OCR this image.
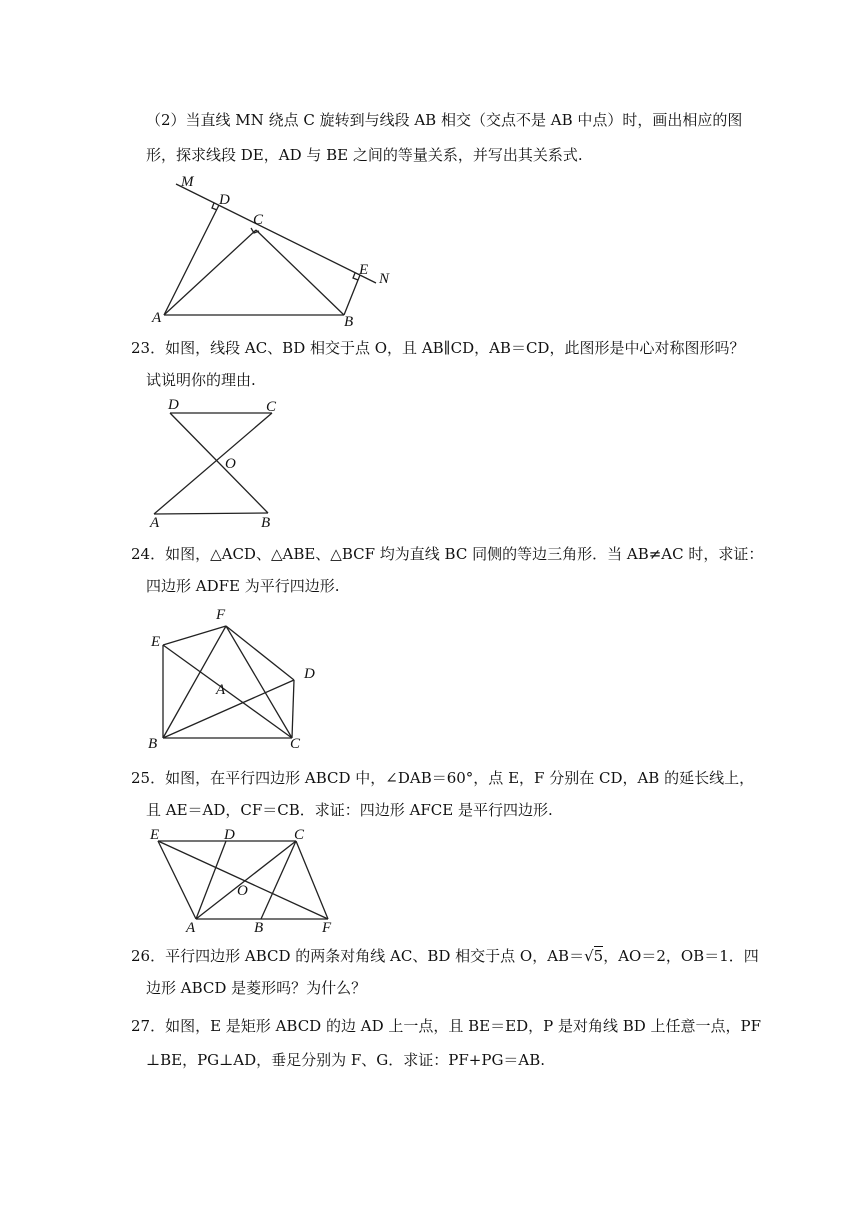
（2）当直线 MN 绕点 C 旋转到与线段 AB 相交（交点不是 AB 中点）时，画出相应的图
形，探求线段 DE，AD 与 BE 之间的等量关系，并写出其关系式.
M
D
C
E
N
A	B
23．如图，线段 AC、BD 相交于点 O，且 AB∥CD，AB＝CD，此图形是中心对称图形吗？
试说明你的理由.
D	C
O
A	B
24．如图，△ACD、△ABE、△BCF 均为直线 BC 同侧的等边三角形．当 AB≠AC 时，求证：
四边形 ADFE 为平行四边形.
F
E
D
A
B	C
25．如图，在平行四边形 ABCD 中，∠DAB＝60°，点 E，F 分别在 CD，AB 的延长线上，
且 AE＝AD，CF＝CB．求证：四边形 AFCE 是平行四边形.
E	D	C
O
A	B	F
26．平行四边形 ABCD 的两条对角线 AC、BD 相交于点 O，AB＝√5，AO＝2，OB＝1．四
边形 ABCD 是菱形吗？为什么？
27．如图，E 是矩形 ABCD 的边 AD 上一点，且 BE＝ED，P 是对角线 BD 上任意一点，PF
⊥BE，PG⊥AD，垂足分别为 F、G．求证：PF+PG＝AB.
